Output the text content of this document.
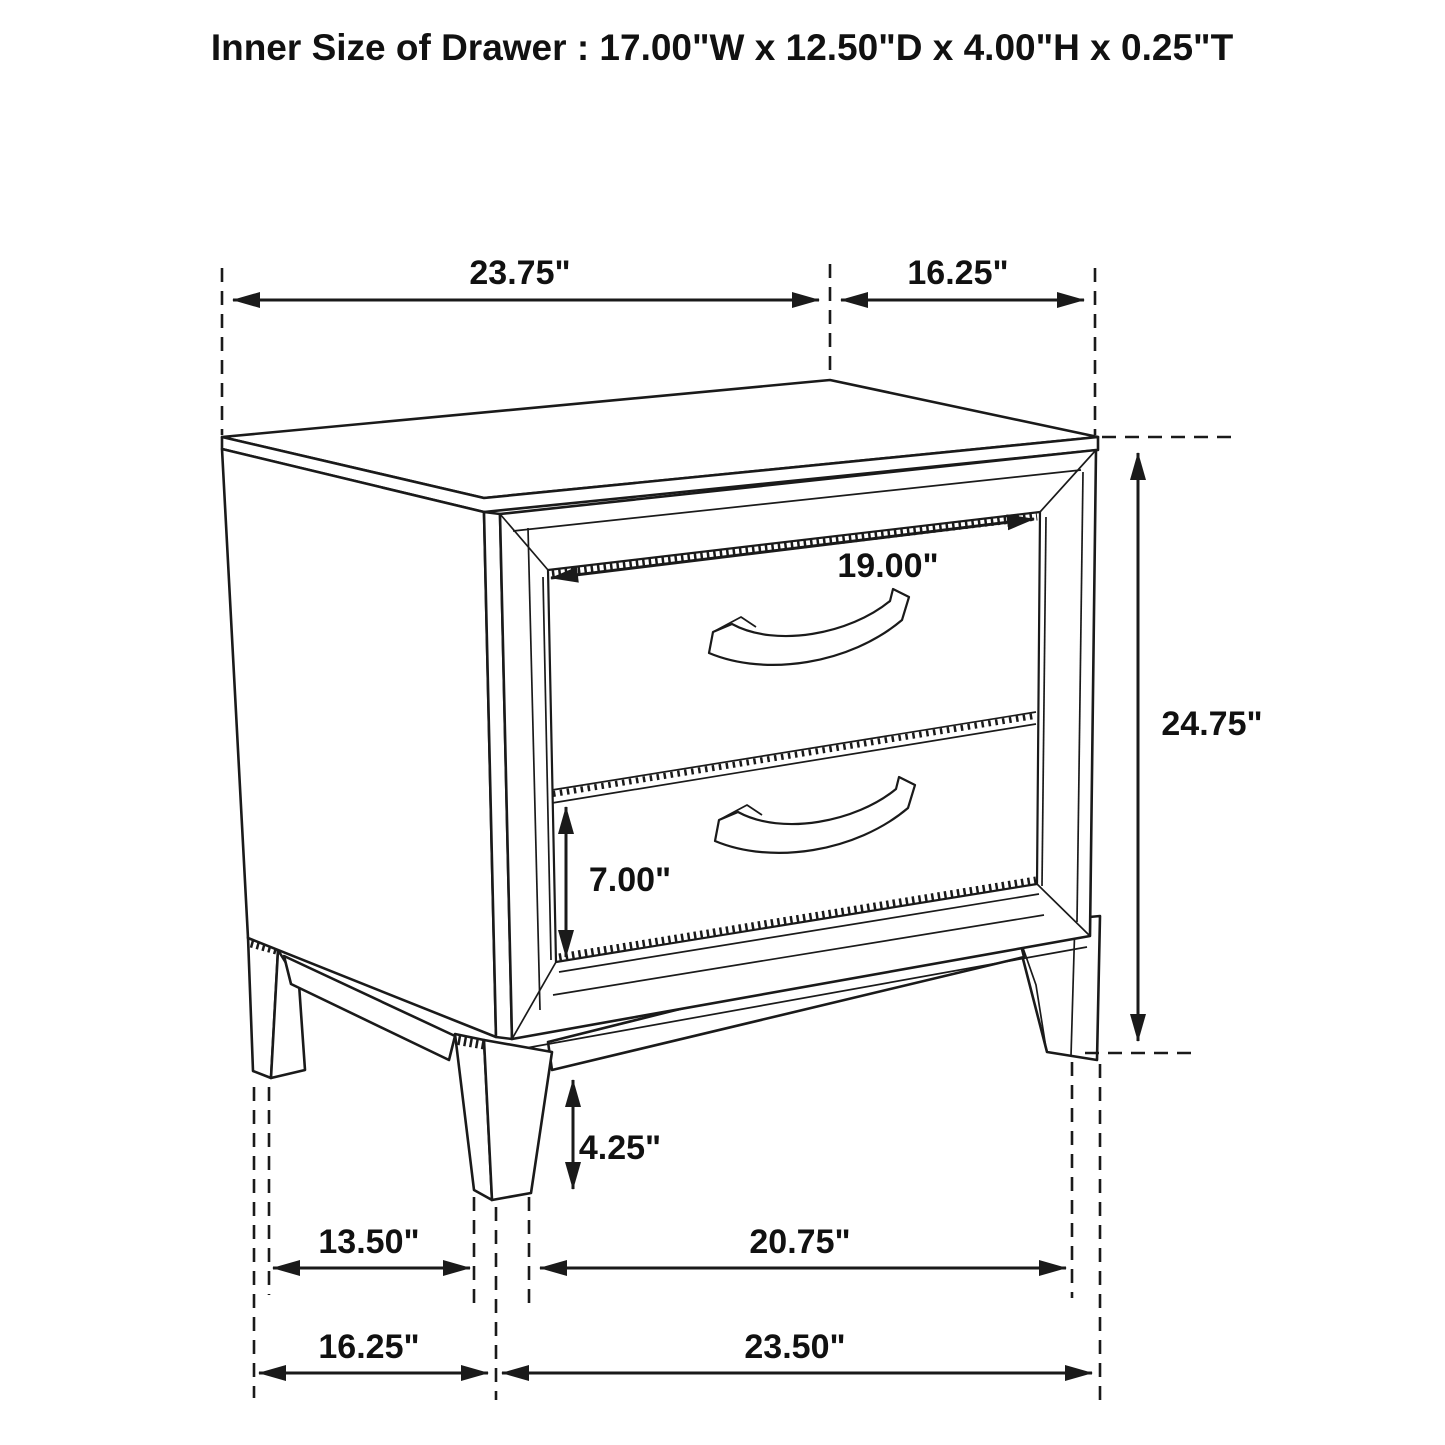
23.75"	16.25"
19.00"
24.75"
7.00"
4.25"
13.50"	20.75"
16.25"	23.50"
Inner Size of Drawer : 17.00"W x 12.50"D x 4.00"H x 0.25"T
